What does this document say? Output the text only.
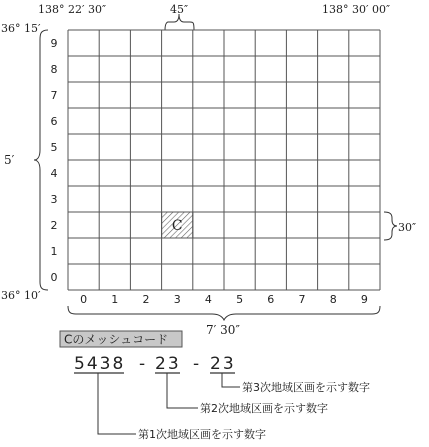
138° 22′ 30″	138° 30′ 00″
45″
36° 15′
36° 10′
5′
C
9
8
7
6
5
4
3
2
1
0
0 1 2 3 4 5 6 7 8 9
30″
7′ 30″
Cのメッシュコード
5438 - 23 - 23
第3次地域区画を示す数字
第2次地域区画を示す数字
第1次地域区画を示す数字
